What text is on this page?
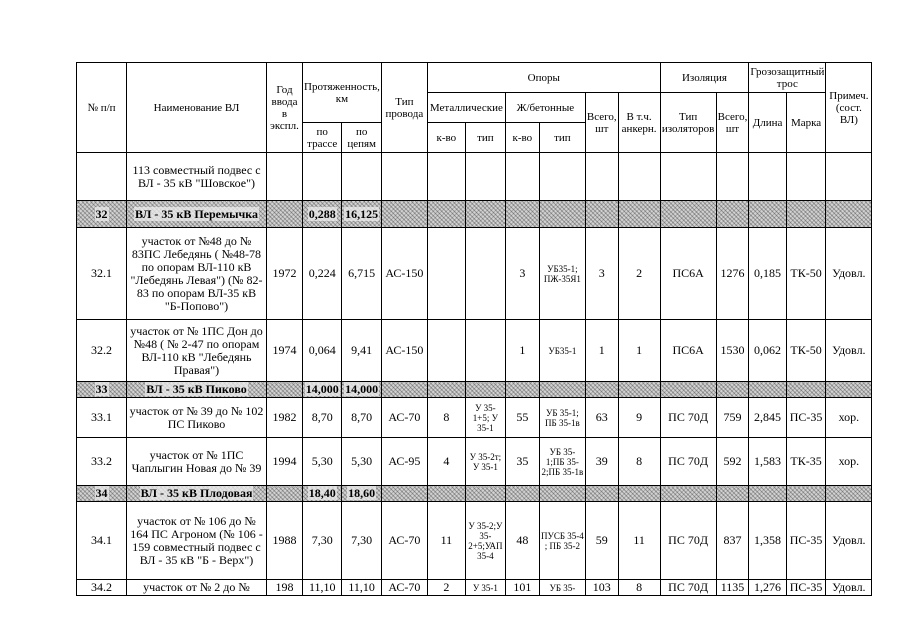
№ п/п	Наименование ВЛ	Год ввода в экспл.	Протяженность, км		Тип провода	Опоры						Изоляция		Грозозащитный трос		Примеч. (сост. ВЛ)
						Металлические		Ж/бетонные		Всего, шт	В т.ч. анкерн.	Тип изоляторов	Всего, шт	Длина	Марка	
			по трассе	по цепям		к-во	тип	к-во	тип							
	113 совместный подвес с ВЛ - 35 кВ "Шовское")															
32	ВЛ - 35 кВ Перемычка		0,288	16,125												
32.1	участок от №48 до № 83ПС Лебедянь ( №48-78 по опорам ВЛ-110 кВ "Лебедянь Левая") (№ 82-83 по опорам ВЛ-35 кВ "Б-Попово")	1972	0,224	6,715	АС-150			3	УБ35-1; ПЖ-35Я1	3	2	ПС6А	1276	0,185	ТК-50	Удовл.
32.2	участок от № 1ПС Дон до №48 ( № 2-47 по опорам ВЛ-110 кВ "Лебедянь Правая")	1974	0,064	9,41	АС-150			1	УБ35-1	1	1	ПС6А	1530	0,062	ТК-50	Удовл.
33	ВЛ - 35 кВ Пиково		14,000	14,000												
33.1	участок от № 39 до № 102 ПС Пиково	1982	8,70	8,70	АС-70	8	У 35-1+5; У 35-1	55	УБ 35-1; ПБ 35-1в	63	9	ПС 70Д	759	2,845	ПС-35	хор.
33.2	участок от № 1ПС Чаплыгин Новая до № 39	1994	5,30	5,30	АС-95	4	У 35-2т; У 35-1	35	УБ 35-1;ПБ 35-2;ПБ 35-1в	39	8	ПС 70Д	592	1,583	ТК-35	хор.
34	ВЛ - 35 кВ Плодовая		18,40	18,60												
34.1	участок от № 106 до № 164 ПС Агроном (№ 106 - 159 совместный подвес с ВЛ - 35 кВ "Б - Верх")	1988	7,30	7,30	АС-70	11	У 35-2;У 35-2+5;УАП 35-4	48	ПУСБ 35-4 ; ПБ 35-2	59	11	ПС 70Д	837	1,358	ПС-35	Удовл.
34.2	участок от № 2 до №	198	11,10	11,10	АС-70	2	У 35-1	101	УБ 35-	103	8	ПС 70Д	1135	1,276	ПС-35	Удовл.
